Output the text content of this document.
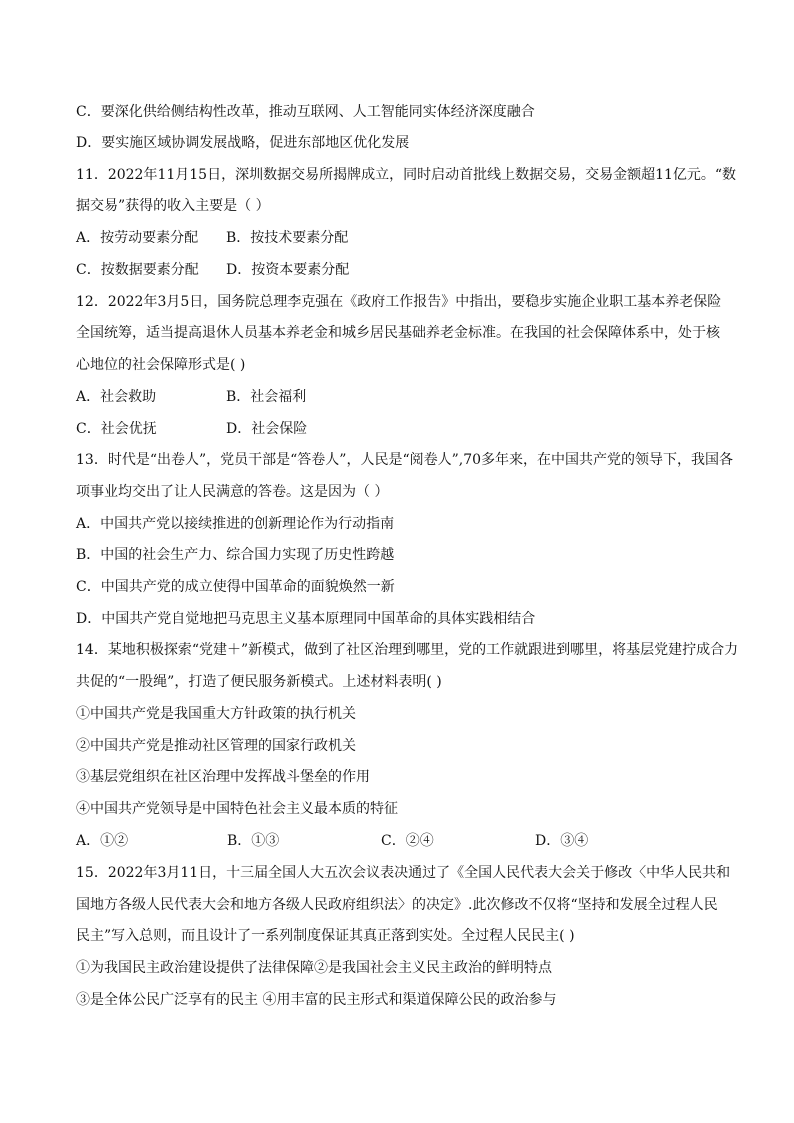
C．要深化供给侧结构性改革，推动互联网、人工智能同实体经济深度融合
D．要实施区域协调发展战略，促进东部地区优化发展
11．2022年11月15日，深圳数据交易所揭牌成立，同时启动首批线上数据交易，交易金额超11亿元。“数
据交易”获得的收入主要是（ ）
A．按劳动要素分配 B．按技术要素分配
C．按数据要素分配 D．按资本要素分配
12．2022年3月5日，国务院总理李克强在《政府工作报告》中指出，要稳步实施企业职工基本养老保险
全国统筹，适当提高退休人员基本养老金和城乡居民基础养老金标准。在我国的社会保障体系中，处于核
心地位的社会保障形式是( )
A．社会救助	B．社会福利
C．社会优抚	D．社会保险
13．时代是“出卷人”，党员干部是“答卷人”，人民是“阅卷人”,70多年来，在中国共产党的领导下，我国各
项事业均交出了让人民满意的答卷。这是因为（ ）
A．中国共产党以接续推进的创新理论作为行动指南
B．中国的社会生产力、综合国力实现了历史性跨越
C．中国共产党的成立使得中国革命的面貌焕然一新
D．中国共产党自觉地把马克思主义基本原理同中国革命的具体实践相结合
14．某地积极探索“党建＋”新模式，做到了社区治理到哪里，党的工作就跟进到哪里，将基层党建拧成合力
共促的“一股绳”，打造了便民服务新模式。上述材料表明( )
①中国共产党是我国重大方针政策的执行机关
②中国共产党是推动社区管理的国家行政机关
③基层党组织在社区治理中发挥战斗堡垒的作用
④中国共产党领导是中国特色社会主义最本质的特征
A．①②	B．①③	C．②④	D．③④
15．2022年3月11日，十三届全国人大五次会议表决通过了《全国人民代表大会关于修改〈中华人民共和
国地方各级人民代表大会和地方各级人民政府组织法〉的决定》.此次修改不仅将“坚持和发展全过程人民
民主”写入总则，而且设计了一系列制度保证其真正落到实处。全过程人民民主( )
①为我国民主政治建设提供了法律保障②是我国社会主义民主政治的鲜明特点
③是全体公民广泛享有的民主 ④用丰富的民主形式和渠道保障公民的政治参与
